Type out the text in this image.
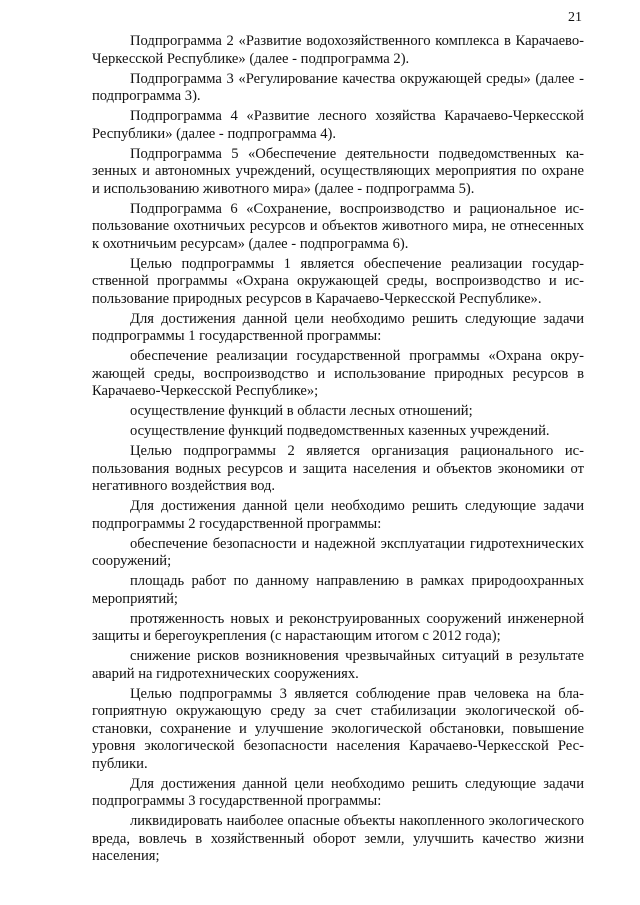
21

Подпрограмма 2 «Развитие водохозяйственного комплекса в Карачаево-Черкесской Республике» (далее - подпрограмма 2).

Подпрограмма 3 «Регулирование качества окружающей среды» (далее - подпрограмма 3).

Подпрограмма 4 «Развитие лесного хозяйства Карачаево-Черкесской Республики» (далее - подпрограмма 4).

Подпрограмма 5 «Обеспечение деятельности подведомственных казенных и автономных учреждений, осуществляющих мероприятия по охране и использованию животного мира» (далее - подпрограмма 5).

Подпрограмма 6 «Сохранение, воспроизводство и рациональное использование охотничьих ресурсов и объектов животного мира, не отнесенных к охотничьим ресурсам» (далее - подпрограмма 6).

Целью подпрограммы 1 является обеспечение реализации государственной программы «Охрана окружающей среды, воспроизводство и использование природных ресурсов в Карачаево-Черкесской Республике».

Для достижения данной цели необходимо решить следующие задачи подпрограммы 1 государственной программы:

обеспечение реализации государственной программы «Охрана окружающей среды, воспроизводство и использование природных ресурсов в Карачаево-Черкесской Республике»;

осуществление функций в области лесных отношений;

осуществление функций подведомственных казенных учреждений.

Целью подпрограммы 2 является организация рационального использования водных ресурсов и защита населения и объектов экономики от негативного воздействия вод.

Для достижения данной цели необходимо решить следующие задачи подпрограммы 2 государственной программы:

обеспечение безопасности и надежной эксплуатации гидротехнических сооружений;

площадь работ по данному направлению в рамках природоохранных мероприятий;

протяженность новых и реконструированных сооружений инженерной защиты и берегоукрепления (с нарастающим итогом с 2012 года);

снижение рисков возникновения чрезвычайных ситуаций в результате аварий на гидротехнических сооружениях.

Целью подпрограммы 3 является соблюдение прав человека на благоприятную окружающую среду за счет стабилизации экологической обстановки, сохранение и улучшение экологической обстановки, повышение уровня экологической безопасности населения Карачаево-Черкесской Республики.

Для достижения данной цели необходимо решить следующие задачи подпрограммы 3 государственной программы:

ликвидировать наиболее опасные объекты накопленного экологического вреда, вовлечь в хозяйственный оборот земли, улучшить качество жизни населения;
